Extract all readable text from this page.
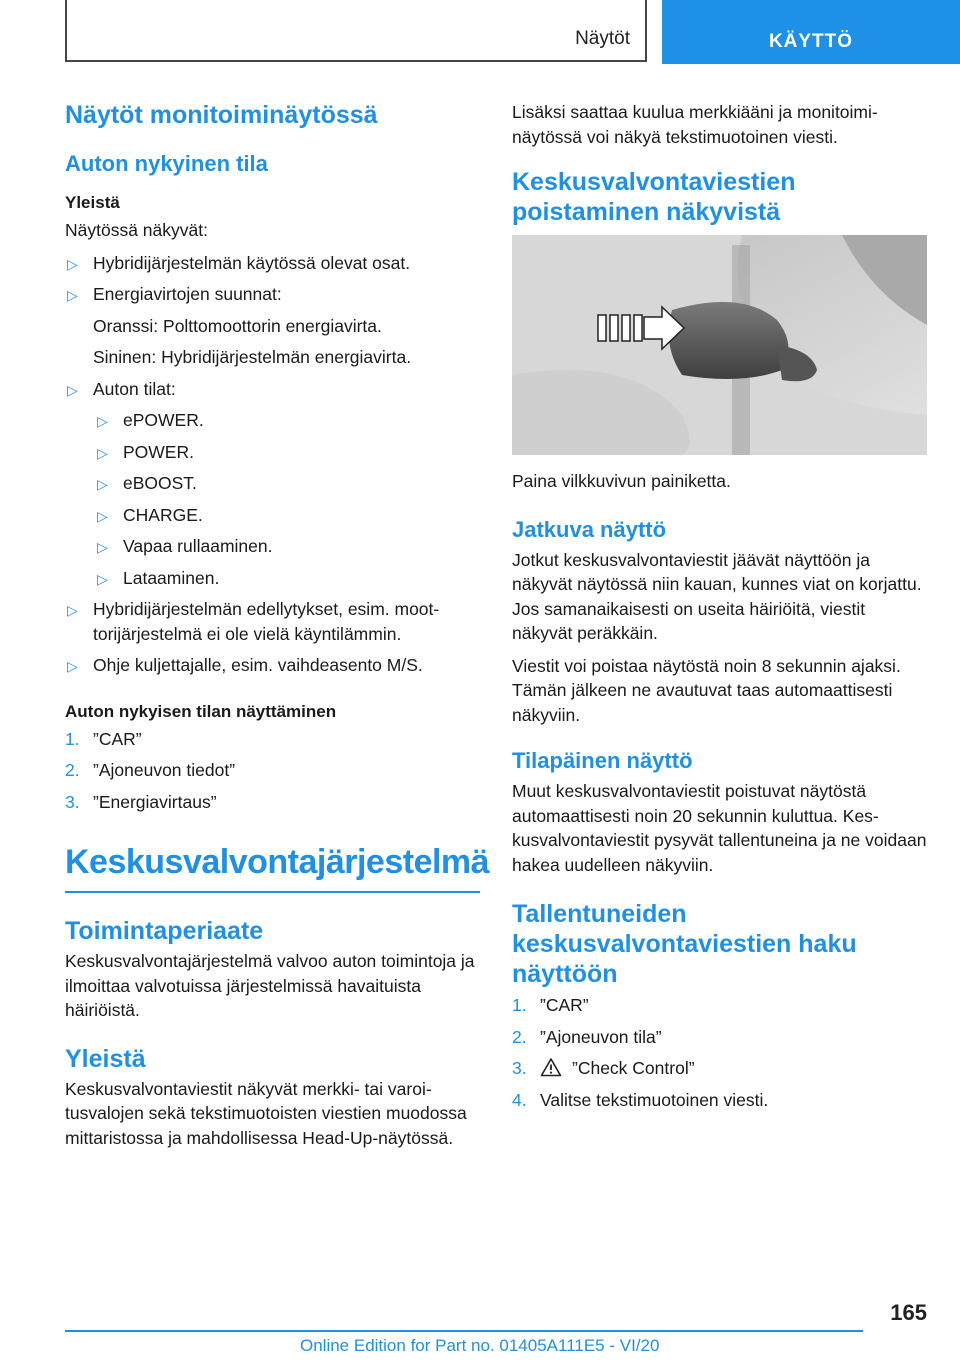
Näytöt	KÄYTTÖ
Näytöt monitoiminäytössä
Auton nykyinen tila
Yleistä

Näytössä näkyvät:

▷ Hybridijärjestelmän käytössä olevat osat.
▷ Energiavirtojen suunnat:
Oranssi: Polttomoottorin energiavirta.
Sininen: Hybridijärjestelmän energiavirta.
▷ Auton tilat:
▷ ePOWER.
▷ POWER.
▷ eBOOST.
▷ CHARGE.
▷ Vapaa rullaaminen.
▷ Lataaminen.
▷ Hybridijärjestelmän edellytykset, esim. moottorijärjestelmä ei ole vielä käyntilämmin.
▷ Ohje kuljettajalle, esim. vaihdeasento M/S.
Auton nykyisen tilan näyttäminen
1. ”CAR”
2. ”Ajoneuvon tiedot”
3. ”Energiavirtaus”
Keskusvalvontajärjestelmä
Toimintaperiaate

Keskusvalvontajärjestelmä valvoo auton toimintoja ja ilmoittaa valvotuissa järjestelmissä havaituista häiriöistä.

Yleistä

Keskusvalvontaviestit näkyvät merkki- tai varoitusvalojen sekä tekstimuotoisten viestien muodossa mittaristossa ja mahdollisessa Head-Up-näytössä.

Lisäksi saattaa kuulua merkkiääni ja monitoiminäytössä voi näkyä tekstimuotoinen viesti.

Keskusvalvontaviestien poistaminen näkyvistä

Paina vilkkuvivun painiketta.

Jatkuva näyttö

Jotkut keskusvalvontaviestit jäävät näyttöön ja näkyvät näytössä niin kauan, kunnes viat on korjattu. Jos samanaikaisesti on useita häiriöitä, viestit näkyvät peräkkäin.

Viestit voi poistaa näytöstä noin 8 sekunnin ajaksi. Tämän jälkeen ne avautuvat taas automaattisesti näkyviin.

Tilapäinen näyttö

Muut keskusvalvontaviestit poistuvat näytöstä automaattisesti noin 20 sekunnin kuluttua. Keskusvalvontaviestit pysyvät tallentuneina ja ne voidaan hakea uudelleen näkyviin.

Tallentuneiden keskusvalvontaviestien haku näyttöön
1. ”CAR”
2. ”Ajoneuvon tila”
3.	”Check Control”
4. Valitse tekstimuotoinen viesti.
165
Online Edition for Part no. 01405A111E5 - VI/20
